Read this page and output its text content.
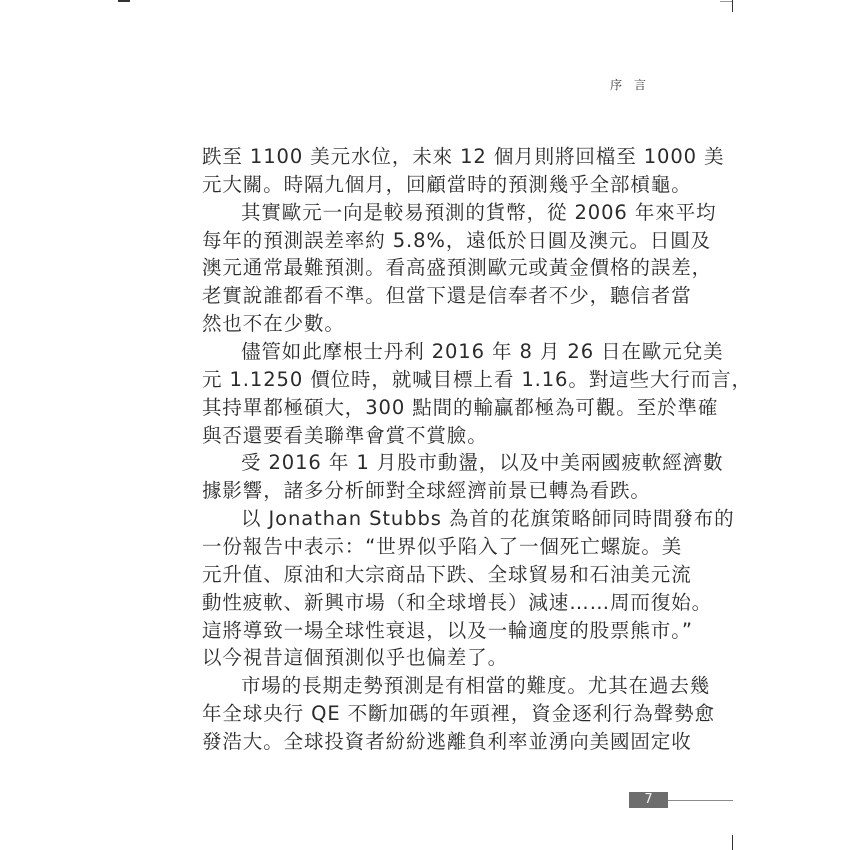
序 言

跌至 1100 美元水位，未來 12 個月則將回檔至 1000 美
元大關。時隔九個月，回顧當時的預測幾乎全部槓龜。

其實歐元一向是較易預測的貨幣，從 2006 年來平均
每年的預測誤差率約 5.8%，遠低於日圓及澳元。日圓及
澳元通常最難預測。看高盛預測歐元或黃金價格的誤差，
老實說誰都看不準。但當下還是信奉者不少，聽信者當
然也不在少數。

儘管如此摩根士丹利 2016 年 8 月 26 日在歐元兌美
元 1.1250 價位時，就喊目標上看 1.16。對這些大行而言，
其持單都極碩大，300 點間的輸贏都極為可觀。至於準確
與否還要看美聯準會賞不賞臉。

受 2016 年 1 月股市動盪，以及中美兩國疲軟經濟數
據影響，諸多分析師對全球經濟前景已轉為看跌。

以 Jonathan Stubbs 為首的花旗策略師同時間發布的
一份報告中表示：“世界似乎陷入了一個死亡螺旋。美
元升值、原油和大宗商品下跌、全球貿易和石油美元流
動性疲軟、新興市場（和全球增長）減速……周而復始。
這將導致一場全球性衰退，以及一輪適度的股票熊市。”
以今視昔這個預測似乎也偏差了。

市場的長期走勢預測是有相當的難度。尤其在過去幾
年全球央行 QE 不斷加碼的年頭裡，資金逐利行為聲勢愈
發浩大。全球投資者紛紛逃離負利率並湧向美國固定收

7
